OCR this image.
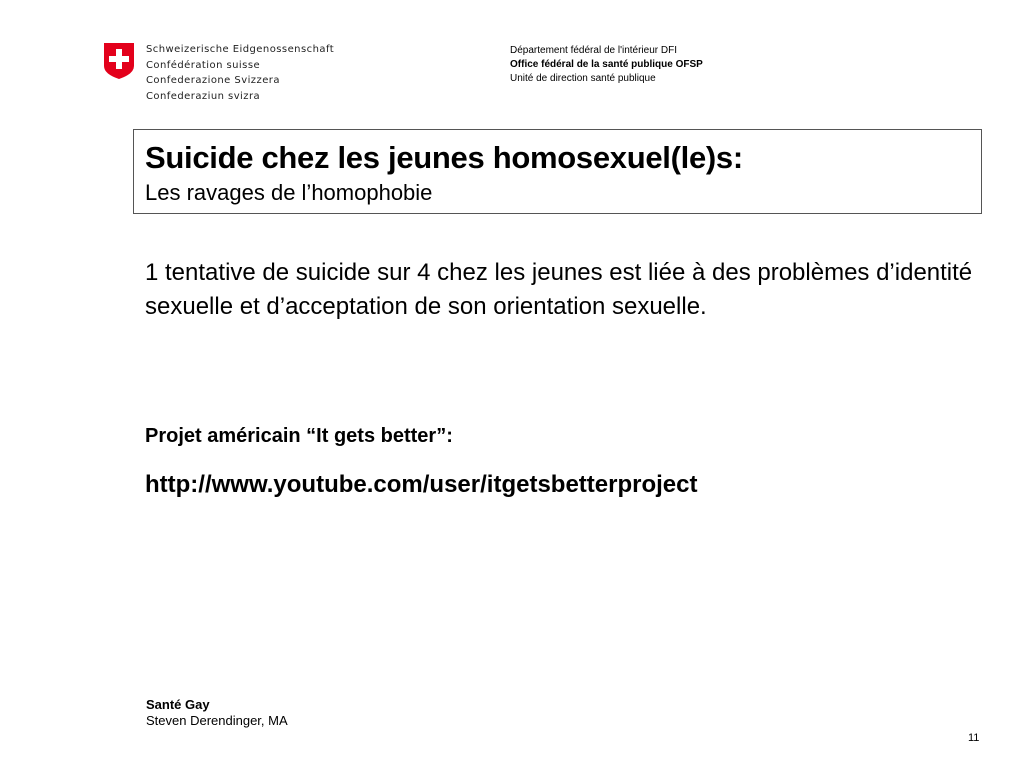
Schweizerische Eidgenossenschaft
Confédération suisse
Confederazione Svizzera
Confederaziun svizra
Département fédéral de l'intérieur DFI
Office fédéral de la santé publique OFSP
Unité de direction santé publique
Suicide chez les jeunes homosexuel(le)s:
Les ravages de l’homophobie
1 tentative de suicide sur 4 chez les jeunes est liée à des problèmes d’identité sexuelle et d’acceptation de son orientation sexuelle.
Projet américain “It gets better”:
http://www.youtube.com/user/itgetsbetterproject
Santé Gay
Steven Derendinger, MA
11
